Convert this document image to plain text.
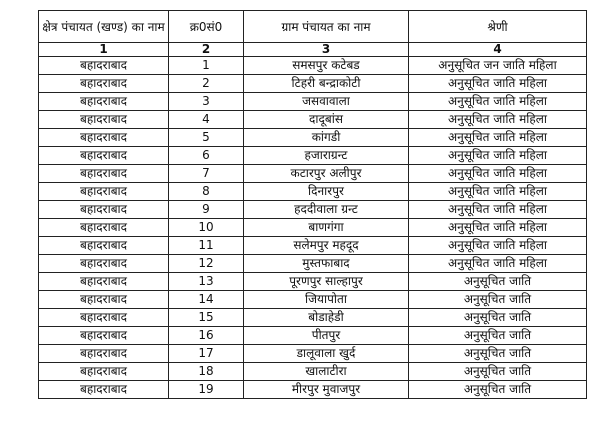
क्षेत्र पंचायत (खण्ड) का नाम	क्र0सं0	ग्राम पंचायत का नाम	श्रेणी
1	2	3	4
बहादराबाद	1	समसपुर कटेबड	अनुसूचित जन जाति महिला
बहादराबाद	2	टिहरी बन्द्राकोटी	अनुसूचित जाति महिला
बहादराबाद	3	जसवावाला	अनुसूचित जाति महिला
बहादराबाद	4	दादूबांस	अनुसूचित जाति महिला
बहादराबाद	5	कांगडी	अनुसूचित जाति महिला
बहादराबाद	6	हजाराग्रन्ट	अनुसूचित जाति महिला
बहादराबाद	7	कटारपुर अलीपुर	अनुसूचित जाति महिला
बहादराबाद	8	दिनारपुर	अनुसूचित जाति महिला
बहादराबाद	9	हददीवाला ग्रन्ट	अनुसूचित जाति महिला
बहादराबाद	10	बाणगंगा	अनुसूचित जाति महिला
बहादराबाद	11	सलेमपुर महदूद	अनुसूचित जाति महिला
बहादराबाद	12	मुस्तफाबाद	अनुसूचित जाति महिला
बहादराबाद	13	पूरणपुर साल्हापुर	अनुसूचित जाति
बहादराबाद	14	जियापोता	अनुसूचित जाति
बहादराबाद	15	बोडाहेडी	अनुसूचित जाति
बहादराबाद	16	पीतपुर	अनुसूचित जाति
बहादराबाद	17	डालूवाला खुर्द	अनुसूचित जाति
बहादराबाद	18	खालाटीरा	अनुसूचित जाति
बहादराबाद	19	मीरपुर मुवाजपुर	अनुसूचित जाति
